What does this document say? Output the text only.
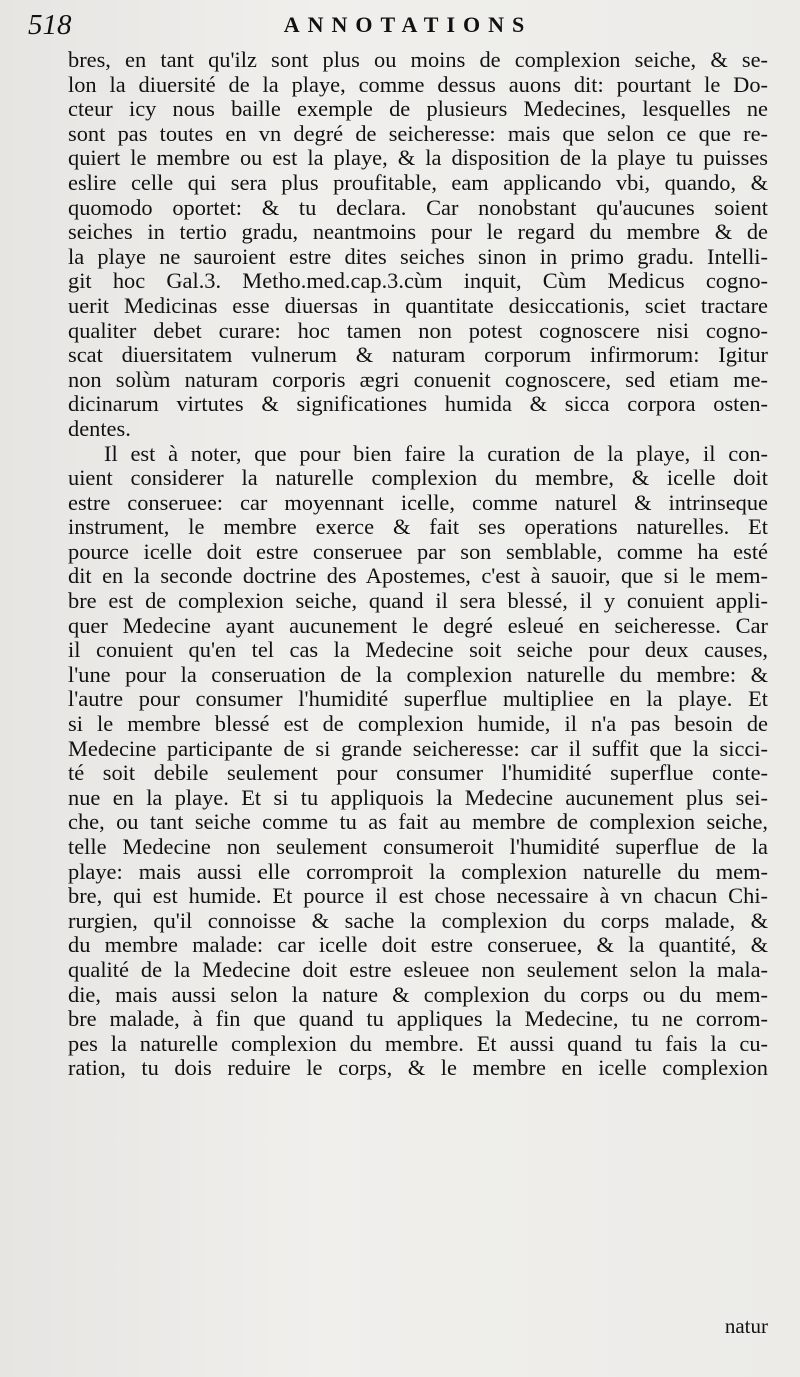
518	ANNOTATIONS
bres, en tant qu'ilz sont plus ou moins de complexion seiche, & se-
lon la diuersité de la playe, comme dessus auons dit: pourtant le Do-
cteur icy nous baille exemple de plusieurs Medecines, lesquelles ne
sont pas toutes en vn degré de seicheresse: mais que selon ce que re-
quiert le membre ou est la playe, & la disposition de la playe tu puisses
eslire celle qui sera plus proufitable, eam applicando vbi, quando, &
quomodo oportet: & tu declara. Car nonobstant qu'aucunes soient
seiches in tertio gradu, neantmoins pour le regard du membre & de
la playe ne sauroient estre dites seiches sinon in primo gradu. Intelli-
git hoc Gal.3. Metho.med.cap.3.cùm inquit, Cùm Medicus cogno-
uerit Medicinas esse diuersas in quantitate desiccationis, sciet tractare
qualiter debet curare: hoc tamen non potest cognoscere nisi cogno-
scat diuersitatem vulnerum & naturam corporum infirmorum: Igitur
non solùm naturam corporis ægri conuenit cognoscere, sed etiam me-
dicinarum virtutes & significationes humida & sicca corpora osten-
dentes.
Il est à noter, que pour bien faire la curation de la playe, il con-
uient considerer la naturelle complexion du membre, & icelle doit
estre conseruee: car moyennant icelle, comme naturel & intrinseque
instrument, le membre exerce & fait ses operations naturelles. Et
pource icelle doit estre conseruee par son semblable, comme ha esté
dit en la seconde doctrine des Apostemes, c'est à sauoir, que si le mem-
bre est de complexion seiche, quand il sera blessé, il y conuient appli-
quer Medecine ayant aucunement le degré esleué en seicheresse. Car
il conuient qu'en tel cas la Medecine soit seiche pour deux causes,
l'une pour la conseruation de la complexion naturelle du membre: &
l'autre pour consumer l'humidité superflue multipliee en la playe. Et
si le membre blessé est de complexion humide, il n'a pas besoin de
Medecine participante de si grande seicheresse: car il suffit que la sicci-
té soit debile seulement pour consumer l'humidité superflue conte-
nue en la playe. Et si tu appliquois la Medecine aucunement plus sei-
che, ou tant seiche comme tu as fait au membre de complexion seiche,
telle Medecine non seulement consumeroit l'humidité superflue de la
playe: mais aussi elle corromproit la complexion naturelle du mem-
bre, qui est humide. Et pource il est chose necessaire à vn chacun Chi-
rurgien, qu'il connoisse & sache la complexion du corps malade, &
du membre malade: car icelle doit estre conseruee, & la quantité, &
qualité de la Medecine doit estre esleuee non seulement selon la mala-
die, mais aussi selon la nature & complexion du corps ou du mem-
bre malade, à fin que quand tu appliques la Medecine, tu ne corrom-
pes la naturelle complexion du membre. Et aussi quand tu fais la cu-
ration, tu dois reduire le corps, & le membre en icelle complexion
natur
